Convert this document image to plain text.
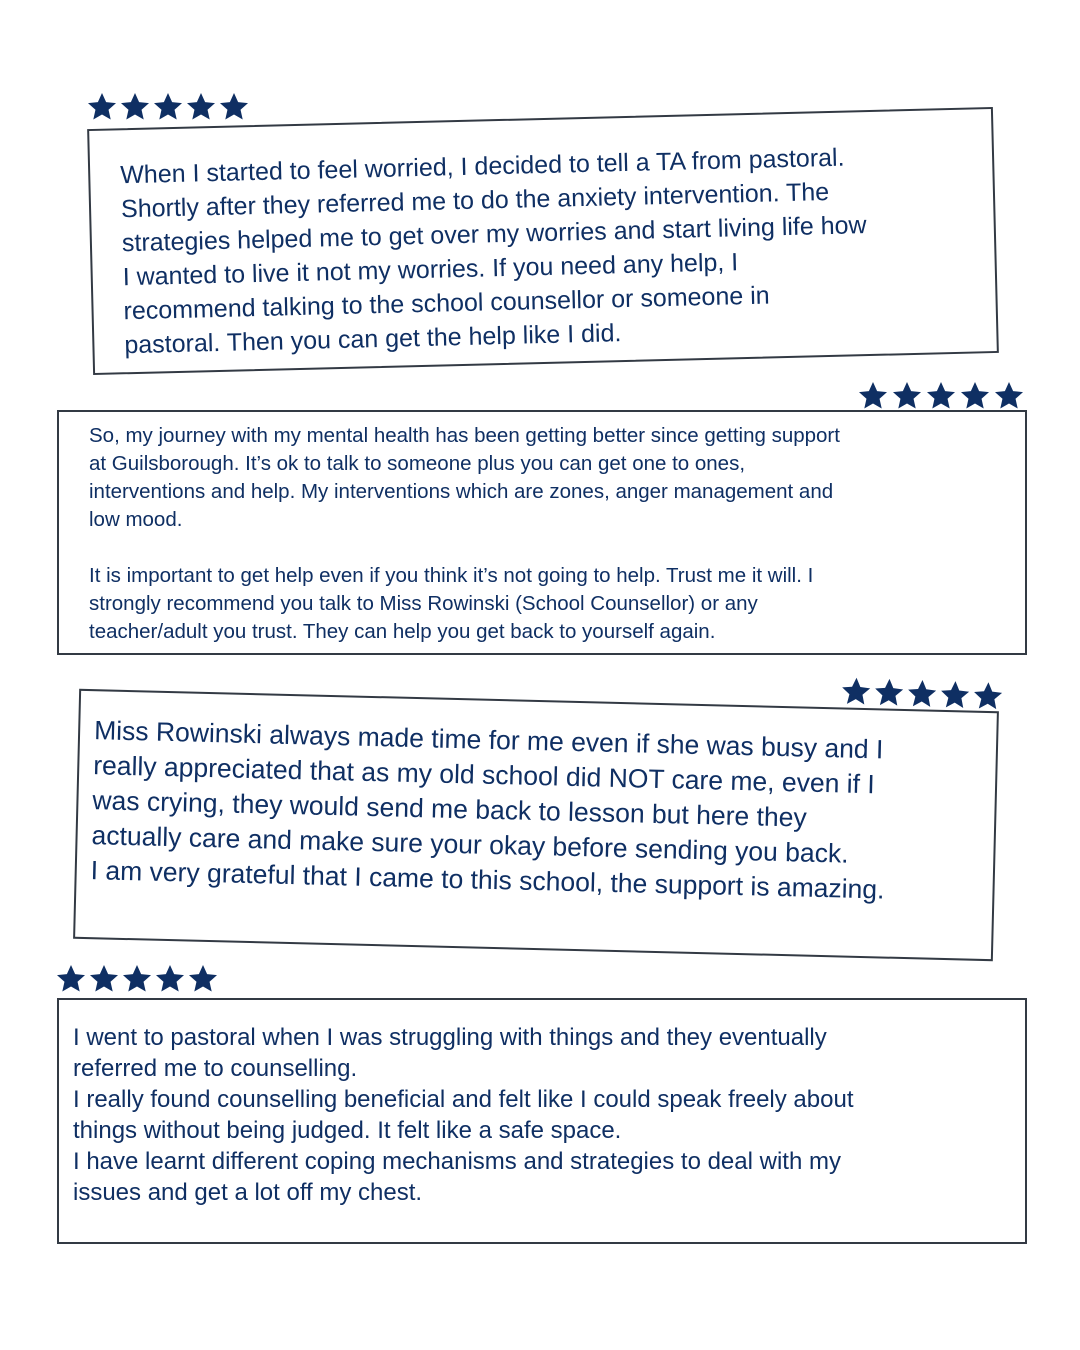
When I started to feel worried, I decided to tell a TA from pastoral.
Shortly after they referred me to do the anxiety intervention. The
strategies helped me to get over my worries and start living life how
I wanted to live it not my worries. If you need any help, I
recommend talking to the school counsellor or someone in
pastoral. Then you can get the help like I did.

So, my journey with my mental health has been getting better since getting support
at Guilsborough. It’s ok to talk to someone plus you can get one to ones,
interventions and help. My interventions which are zones, anger management and
low mood.

It is important to get help even if you think it’s not going to help. Trust me it will. I
strongly recommend you talk to Miss Rowinski (School Counsellor) or any
teacher/adult you trust. They can help you get back to yourself again.

Miss Rowinski always made time for me even if she was busy and I
really appreciated that as my old school did NOT care me, even if I
was crying, they would send me back to lesson but here they
actually care and make sure your okay before sending you back.
I am very grateful that I came to this school, the support is amazing.

I went to pastoral when I was struggling with things and they eventually
referred me to counselling.
I really found counselling beneficial and felt like I could speak freely about
things without being judged. It felt like a safe space.
I have learnt different coping mechanisms and strategies to deal with my
issues and get a lot off my chest.
